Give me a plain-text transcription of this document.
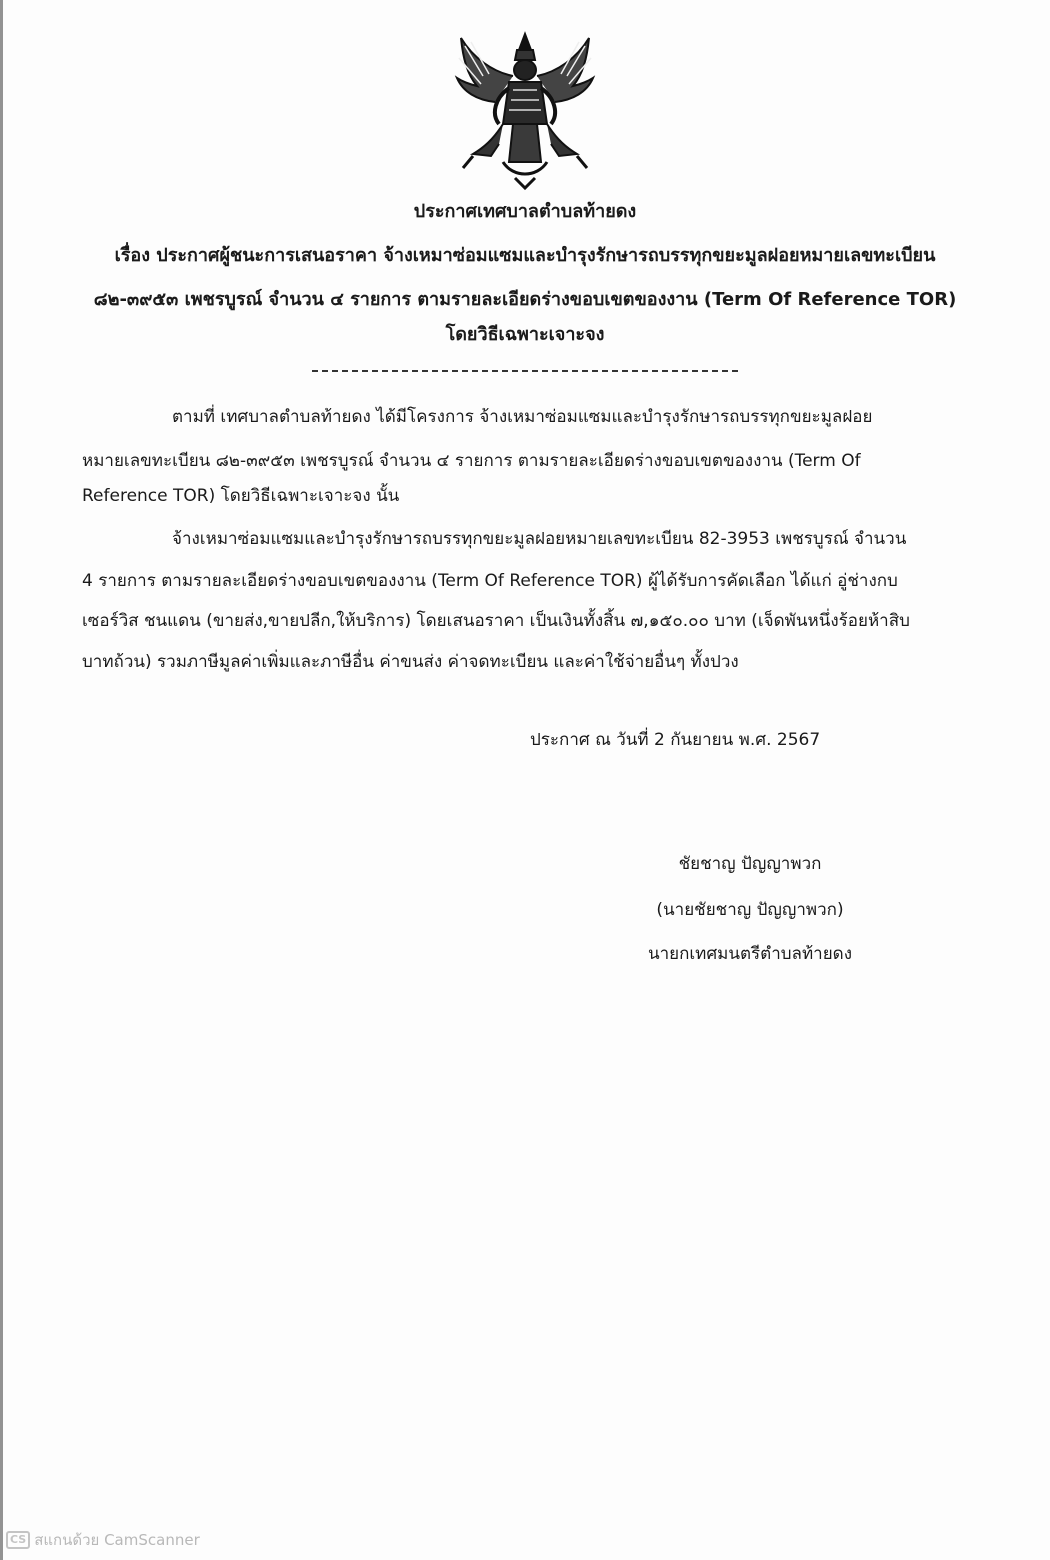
ประกาศเทศบาลตำบลท้ายดง
เรื่อง ประกาศผู้ชนะการเสนอราคา จ้างเหมาซ่อมแซมและบำรุงรักษารถบรรทุกขยะมูลฝอยหมายเลขทะเบียน
๘๒-๓๙๕๓ เพชรบูรณ์ จำนวน ๔ รายการ ตามรายละเอียดร่างขอบเขตของงาน (Term Of Reference TOR)
โดยวิธีเฉพาะเจาะจง
ตามที่ เทศบาลตำบลท้ายดง ได้มีโครงการ จ้างเหมาซ่อมแซมและบำรุงรักษารถบรรทุกขยะมูลฝอย
หมายเลขทะเบียน ๘๒-๓๙๕๓ เพชรบูรณ์ จำนวน ๔ รายการ ตามรายละเอียดร่างขอบเขตของงาน (Term Of
Reference TOR) โดยวิธีเฉพาะเจาะจง นั้น
จ้างเหมาซ่อมแซมและบำรุงรักษารถบรรทุกขยะมูลฝอยหมายเลขทะเบียน 82-3953 เพชรบูรณ์ จำนวน
4 รายการ ตามรายละเอียดร่างขอบเขตของงาน (Term Of Reference TOR) ผู้ได้รับการคัดเลือก ได้แก่ อู่ช่างกบ
เซอร์วิส ชนแดน (ขายส่ง,ขายปลีก,ให้บริการ) โดยเสนอราคา เป็นเงินทั้งสิ้น ๗,๑๕๐.๐๐ บาท (เจ็ดพันหนึ่งร้อยห้าสิบ
บาทถ้วน) รวมภาษีมูลค่าเพิ่มและภาษีอื่น ค่าขนส่ง ค่าจดทะเบียน และค่าใช้จ่ายอื่นๆ ทั้งปวง
ประกาศ ณ วันที่ 2 กันยายน พ.ศ. 2567
ชัยชาญ ปัญญาพวก
(นายชัยชาญ ปัญญาพวก)
นายกเทศมนตรีตำบลท้ายดง
CS สแกนด้วย CamScanner
